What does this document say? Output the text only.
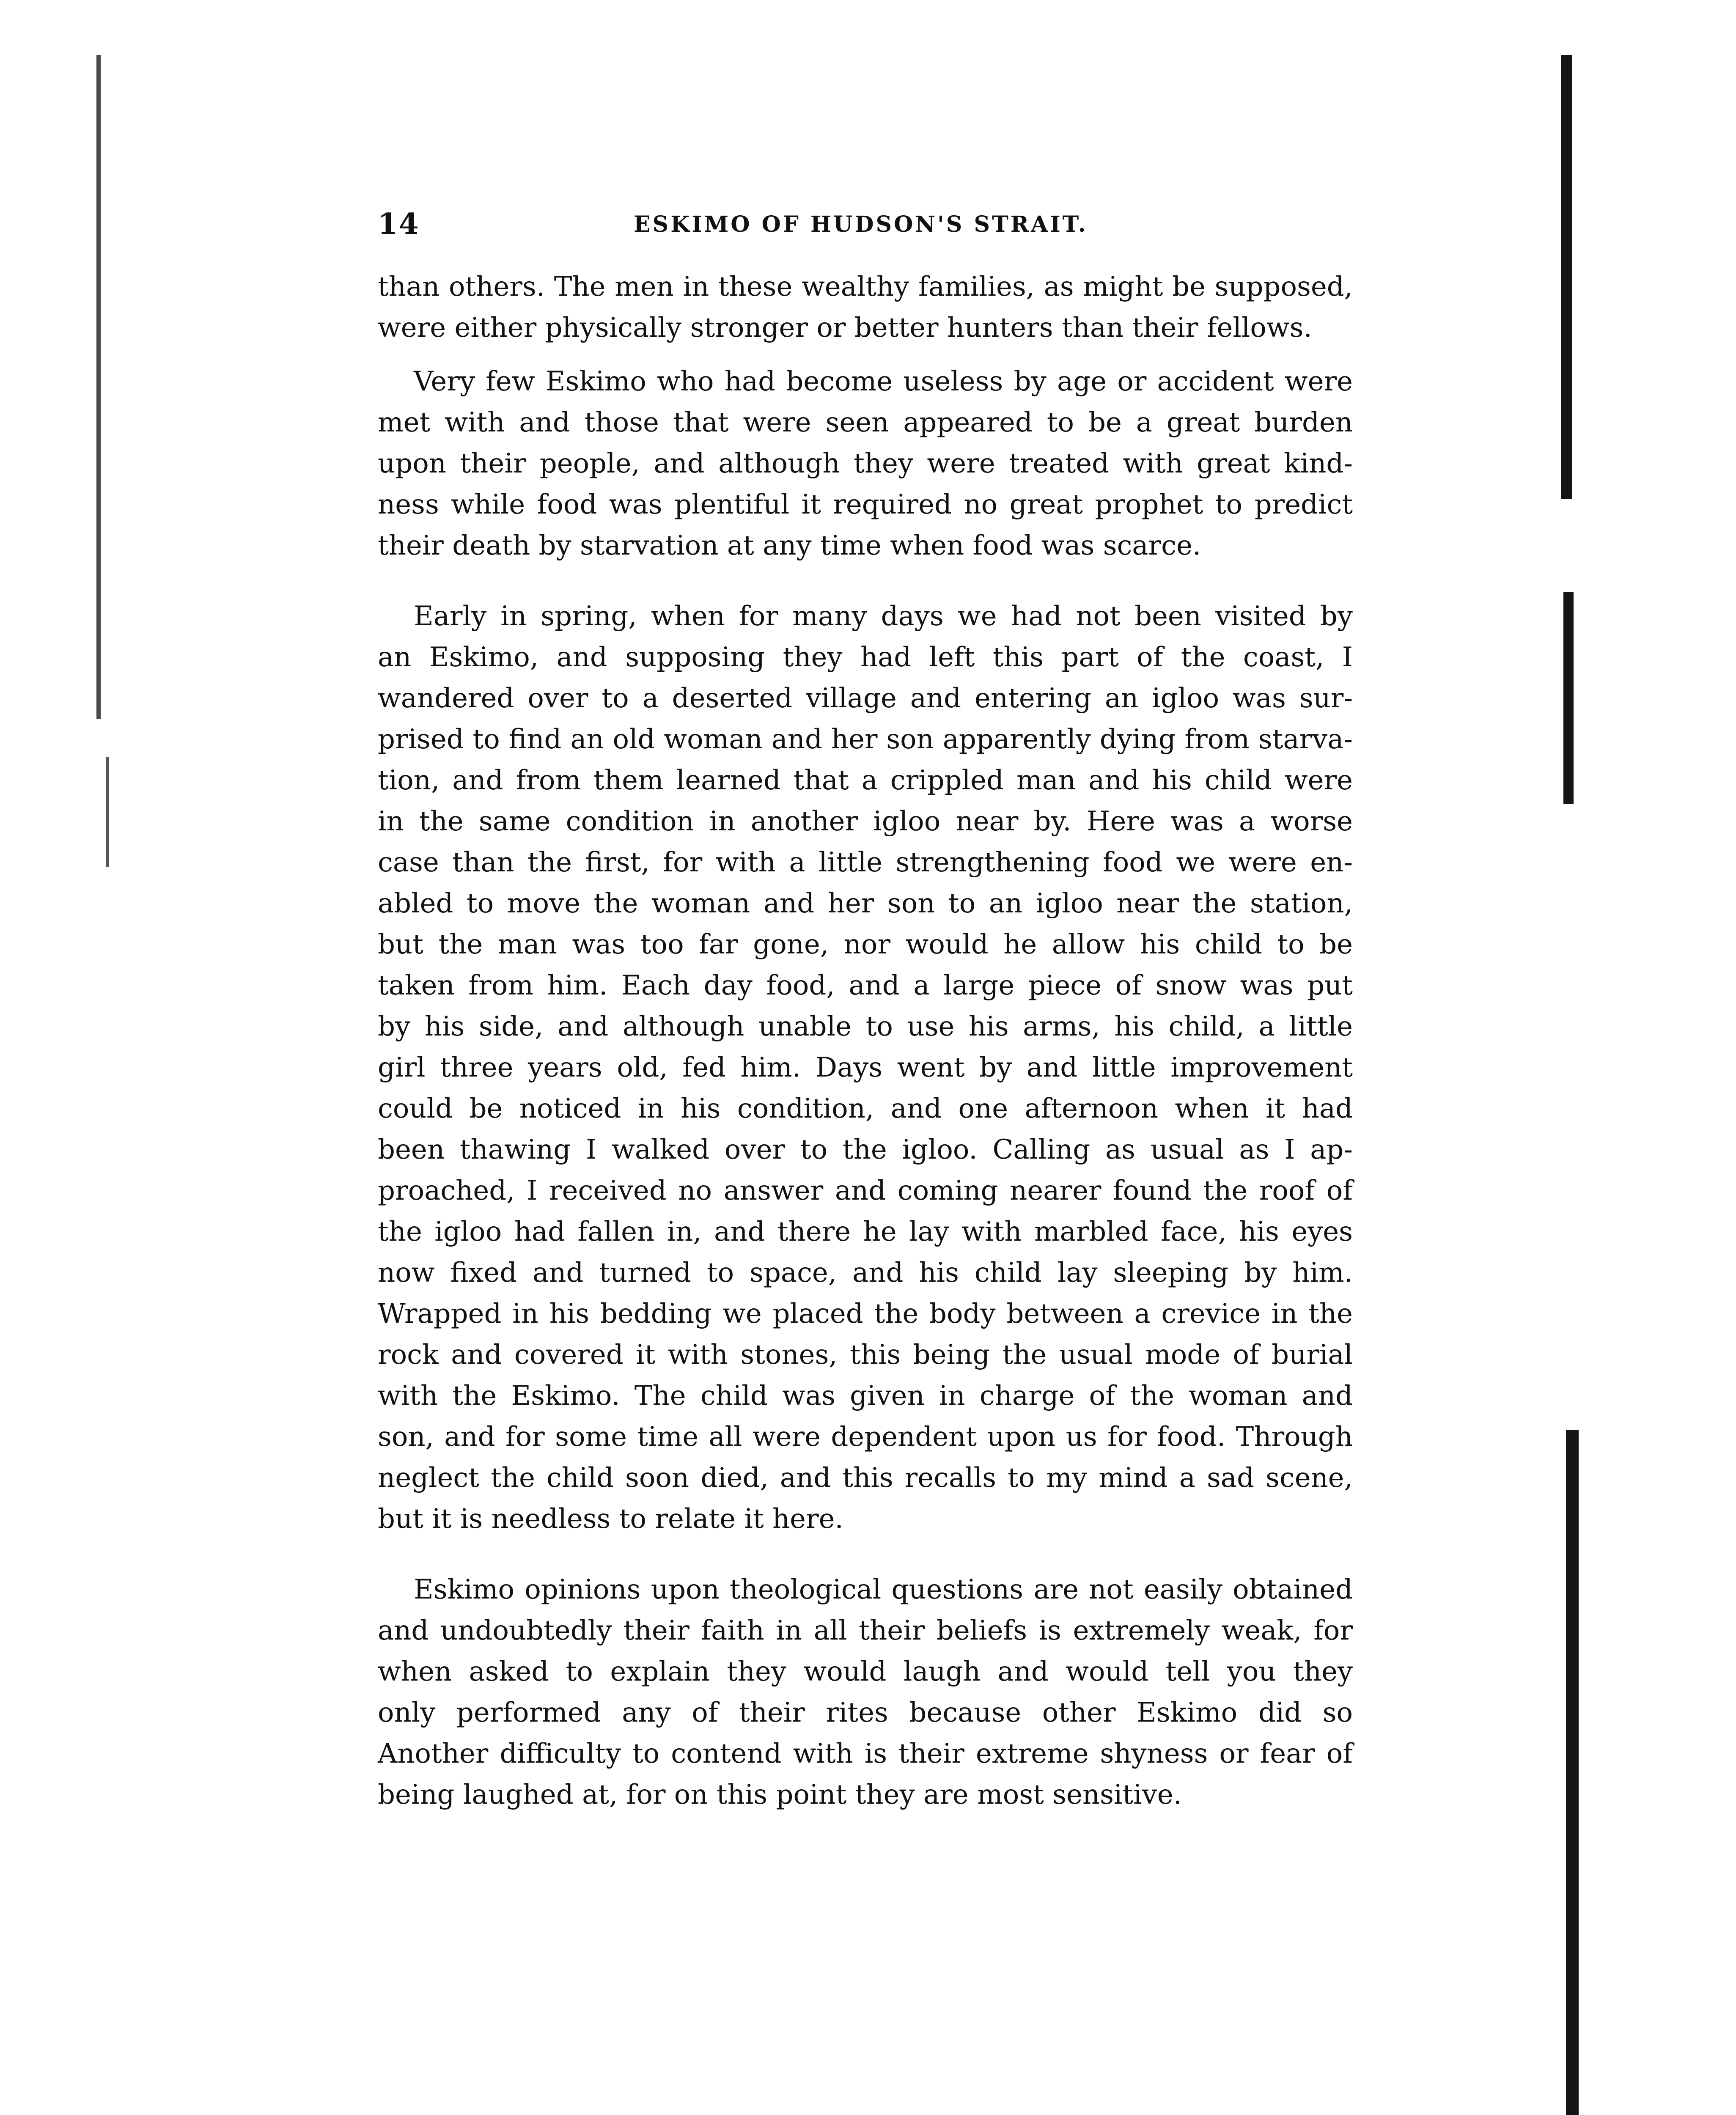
14	ESKIMO OF HUDSON'S STRAIT.
than others. The men in these wealthy families, as might be supposed,
were either physically stronger or better hunters than their fellows.
Very few Eskimo who had become useless by age or accident were
met with and those that were seen appeared to be a great burden
upon their people, and although they were treated with great kind-
ness while food was plentiful it required no great prophet to predict
their death by starvation at any time when food was scarce.
Early in spring, when for many days we had not been visited by
an Eskimo, and supposing they had left this part of the coast, I
wandered over to a deserted village and entering an igloo was sur-
prised to find an old woman and her son apparently dying from starva-
tion, and from them learned that a crippled man and his child were
in the same condition in another igloo near by. Here was a worse
case than the first, for with a little strengthening food we were en-
abled to move the woman and her son to an igloo near the station,
but the man was too far gone, nor would he allow his child to be
taken from him. Each day food, and a large piece of snow was put
by his side, and although unable to use his arms, his child, a little
girl three years old, fed him. Days went by and little improvement
could be noticed in his condition, and one afternoon when it had
been thawing I walked over to the igloo. Calling as usual as I ap-
proached, I received no answer and coming nearer found the roof of
the igloo had fallen in, and there he lay with marbled face, his eyes
now fixed and turned to space, and his child lay sleeping by him.
Wrapped in his bedding we placed the body between a crevice in the
rock and covered it with stones, this being the usual mode of burial
with the Eskimo. The child was given in charge of the woman and
son, and for some time all were dependent upon us for food. Through
neglect the child soon died, and this recalls to my mind a sad scene,
but it is needless to relate it here.
Eskimo opinions upon theological questions are not easily obtained
and undoubtedly their faith in all their beliefs is extremely weak, for
when asked to explain they would laugh and would tell you they
only performed any of their rites because other Eskimo did so
Another difficulty to contend with is their extreme shyness or fear of
being laughed at, for on this point they are most sensitive.
